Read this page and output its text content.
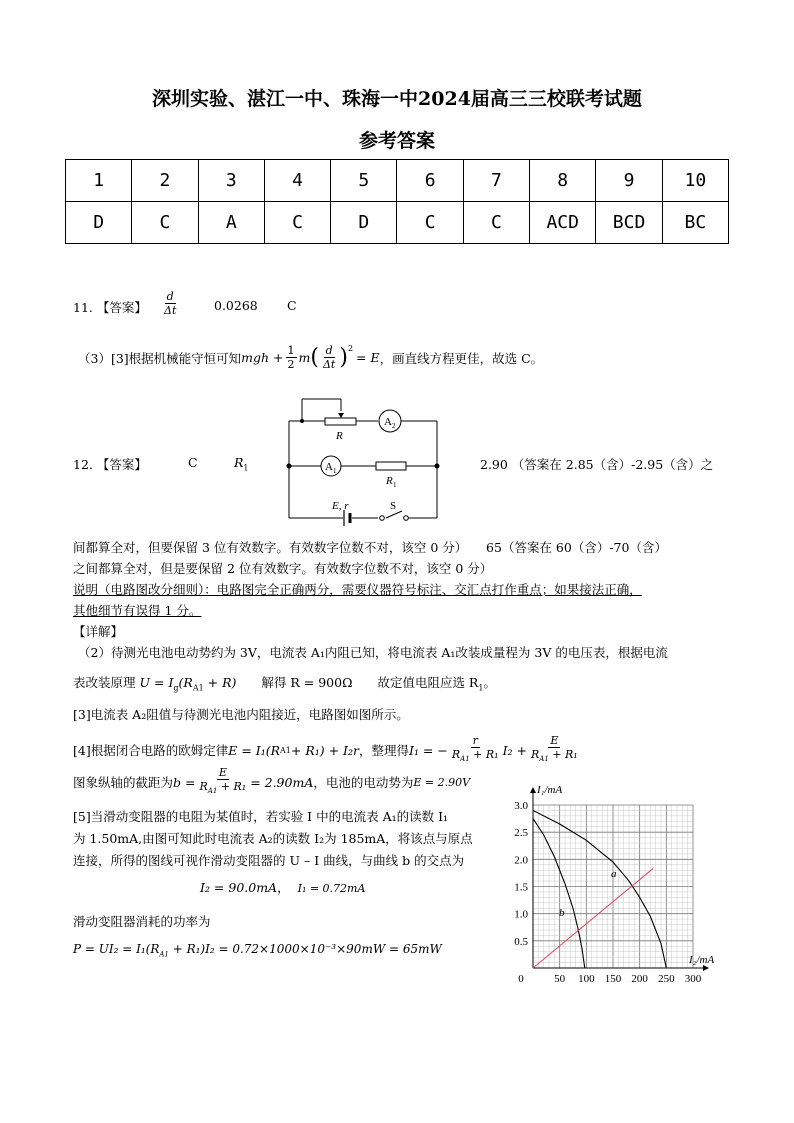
深圳实验、湛江一中、珠海一中2024届高三三校联考试题
参考答案
1	2	3	4	5	6	7	8	9	10
D	C	A	C	D	C	C	ACD	BCD	BC
11. 【答案】 $\frac{d}{\Delta t}$	0.0268 C
（3）[3]根据机械能守恒可知 mgh + $\frac{1}{2}$ m ( $\frac{d}{\Delta t} )^2$
= E ，画直线方程更佳，故选 C。
12. 【答案】	C	$R_1$
R
A 2
A 1
R 1
E, r	S
2.90 （答案在 2.85（含）-2.95（含）之
间都算全对，但要保留 3 位有效数字。有效数字位数不对，该空 0 分）　　65（答案在 60（含）-70（含）
之间都算全对，但是要保留 2 位有效数字。有效数字位数不对，该空 0 分）
说明（电路图改分细则）：电路图完全正确两分，需要仪器符号标注、交汇点打作重点；如果接法正确，
其他细节有误得 1 分。
【详解】
（2）待测光电池电动势约为 3V，电流表 A₁内阻已知，将电流表 A₁改装成量程为 3V 的电压表，根据电流
表改装原理 $U = I_g(R_{A1} + R)$　　解得 R = 900Ω　　故定值电阻应选 $R_1$。
[3]电流表 A₂阻值与待测光电池内阻接近，电路图如图所示。
[4]根据闭合电路的欧姆定律 E = I₁(R A1 + R₁) + I₂r ，整理得 I₁ = − $\frac{r}{R_{A1} + R_1} I_2 + \frac{E}{R_{A1} + R_1}$
图象纵轴的截距为 $b = \frac{E}{R_{A1} + R_1} = 2.90mA$ ，电池的电动势为 E = 2.90V
[5]当滑动变阻器的电阻为某值时，若实验 I 中的电流表 A₁的读数 I₁
为 1.50mA,由图可知此时电流表 A₂的读数 I₂为 185mA，将该点与原点
连接，所得的图线可视作滑动变阻器的 U – I 曲线，与曲线 b 的交点为
I₂ = 90.0mA， I₁ = 0.72mA
滑动变阻器消耗的功率为
$P = UI_2 = I_1(R_{A1} + R_1)I_2 = 0.72\times 1000\times 10^{-3}\times 90mW = 65mW$
0	50 100 150 200 250 300
0.5
1.0
1.5
2.0
2.5
3.0
I₁/mA
I₂/mA
a
b
